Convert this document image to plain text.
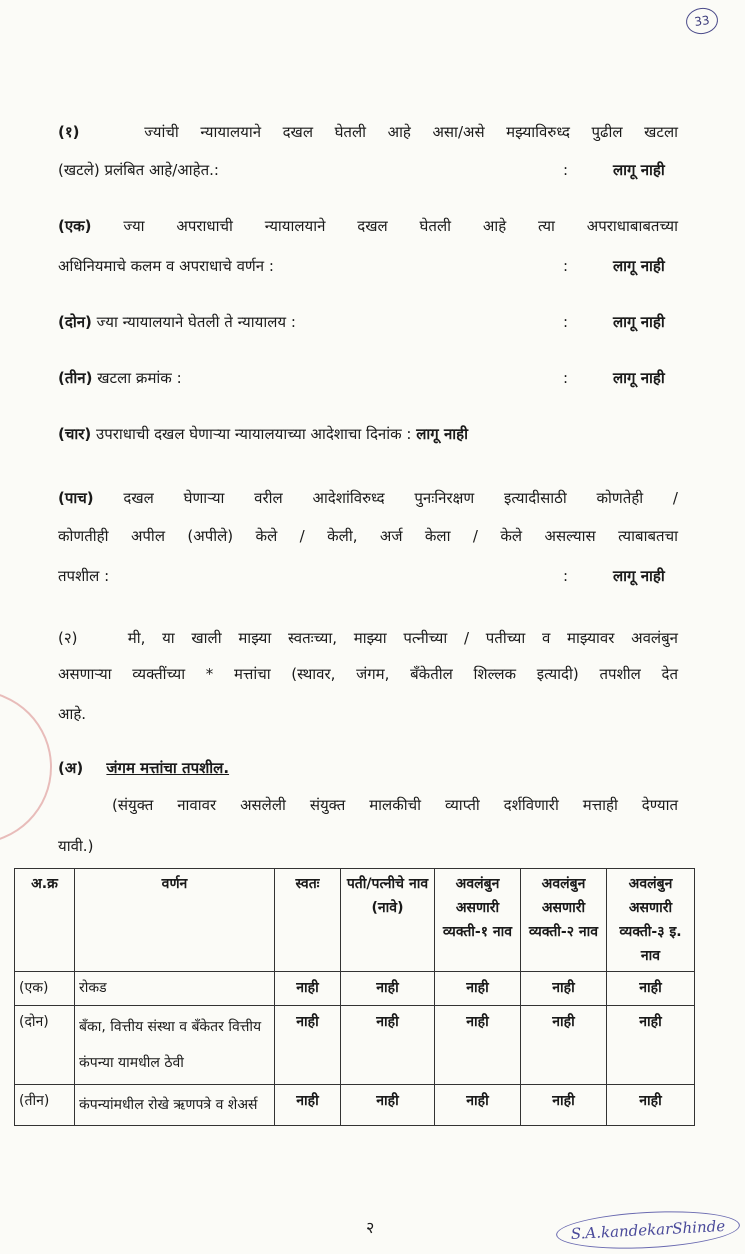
33
(१)	ज्यांची न्यायालयाने दखल घेतली आहे असा/असे मझ्याविरुध्द पुढील खटला
(खटले) प्रलंबित आहे/आहेत.:	:	लागू नाही
(एक) ज्या अपराधाची न्यायालयाने दखल घेतली आहे त्या अपराधाबाबतच्या
अधिनियमाचे कलम व अपराधाचे वर्णन :	:	लागू नाही
(दोन) ज्या न्यायालयाने घेतली ते न्यायालय :	:	लागू नाही
(तीन) खटला क्रमांक :	:	लागू नाही
(चार) उपराधाची दखल घेणाऱ्या न्यायालयाच्या आदेशाचा दिनांक : लागू नाही
(पाच) दखल घेणाऱ्या वरील आदेशांविरुध्द पुनःनिरक्षण इत्यादीसाठी कोणतेही /
कोणतीही अपील (अपीले) केले / केली, अर्ज केला / केले असल्यास त्याबाबतचा
तपशील :	:	लागू नाही
(२)	मी, या खाली माझ्या स्वतःच्या, माझ्या पत्नीच्या / पतीच्या व माझ्यावर अवलंबुन
असणाऱ्या व्यक्तींच्या * मत्तांचा (स्थावर, जंगम, बँकेतील शिल्लक इत्यादी) तपशील देत
आहे.
(अ) जंगम मत्तांचा तपशील.
(संयुक्त नावावर असलेली संयुक्त मालकीची व्याप्ती दर्शविणारी मत्ताही देण्यात
यावी.)
अ.क्र	वर्णन	स्वतः	पती/पत्नीचे नाव (नावे)	अवलंबुन असणारी व्यक्ती-१ नाव	अवलंबुन असणारी व्यक्ती-२ नाव	अवलंबुन असणारी व्यक्ती-३ इ. नाव
(एक)	रोकड	नाही	नाही	नाही	नाही	नाही
(दोन)	बँका, वित्तीय संस्था व बँकेतर वित्तीय कंपन्या यामधील ठेवी	नाही	नाही	नाही	नाही	नाही
(तीन)	कंपन्यांमधील रोखे ऋणपत्रे व शेअर्स	नाही	नाही	नाही	नाही	नाही
२	S.A.kandekarShinde
